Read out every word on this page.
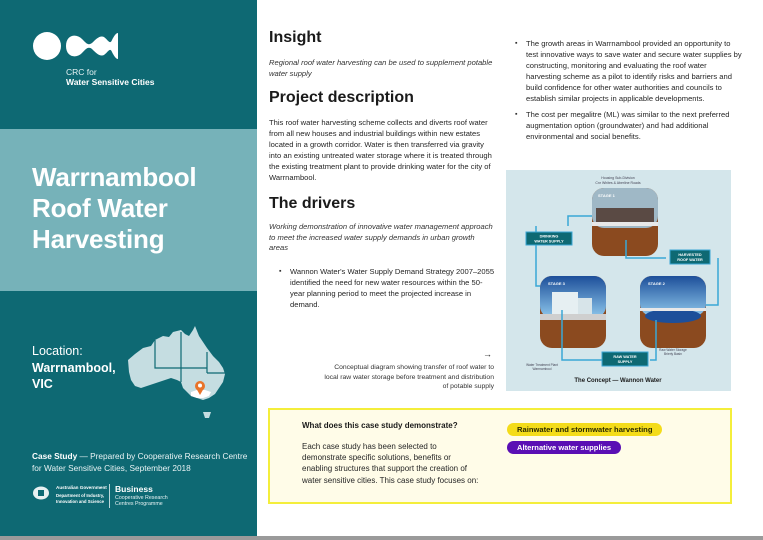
CRC for
Water Sensitive Cities
Warrnambool Roof Water Harvesting
Location:
Warrnambool,
VIC
Case Study — Prepared by Cooperative Research Centre for Water Sensitive Cities, September 2018
Australian Government
Department of Industry,
Innovation and Science
Business
Cooperative Research
Centres Programme
Insight
Regional roof water harvesting can be used to supplement potable water supply
Project description
This roof water harvesting scheme collects and diverts roof water from all new houses and industrial buildings within new estates located in a growth corridor. Water is then transferred via gravity into an existing untreated water storage where it is treated through the existing treatment plant to provide drinking water for the city of Warrnambool.
The drivers
Working demonstration of innovative water management approach to meet the increased water supply demands in urban growth areas
▪ Wannon Water's Water Supply Demand Strategy 2007–2055 identified the need for new water resources within the 50-year planning period to meet the projected increase in demand.
▪ The growth areas in Warrnambool provided an opportunity to test innovative ways to save water and secure water supplies by constructing, monitoring and evaluating the roof water harvesting scheme as a pilot to identify risks and barriers and build confidence for other water authorities and councils to establish similar projects in applicable developments.
▪ The cost per megalitre (ML) was similar to the next preferred augmentation option (groundwater) and had additional environmental and social benefits.
Housing Sub-Division
Cnr Whites & Aberline Roads
STAGE 1
STAGE 3	STAGE 2
DRINKING
WATER SUPPLY
HARVESTED
ROOF WATER
RAW WATER
SUPPLY
Water Treatment Plant
Warrnambool
Raw Water Storage
Brierly Basin
The Concept — Wannon Water
→
Conceptual diagram showing transfer of roof water to local raw water storage before treatment and distribution of potable supply
What does this case study demonstrate?
Each case study has been selected to demonstrate specific solutions, benefits or enabling structures that support the creation of water sensitive cities. This case study focuses on:
Rainwater and stormwater harvesting
Alternative water supplies
